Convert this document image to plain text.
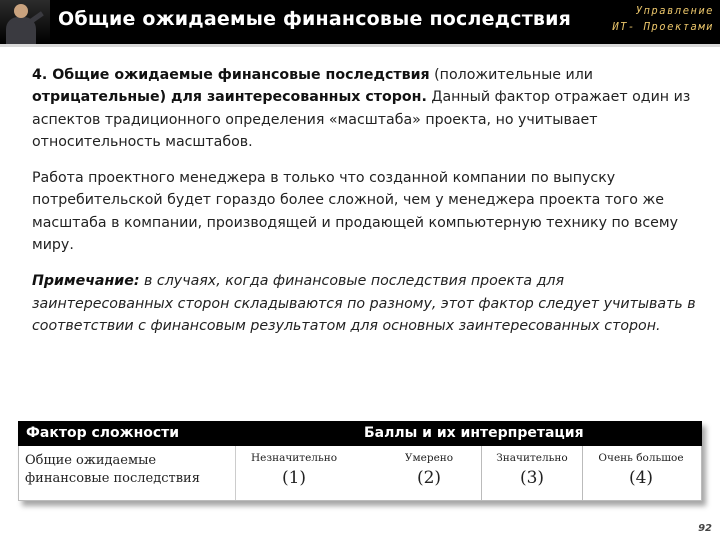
Общие ожидаемые финансовые последствия	Управление
ИТ- Проектами

4. Общие ожидаемые финансовые последствия (положительные или отрицательные) для заинтересованных сторон. Данный фактор отражает один из аспектов традиционного определения «масштаба» проекта, но учитывает относительность масштабов.

Работа проектного менеджера в только что созданной компании по выпуску потребительской будет гораздо более сложной, чем у менеджера проекта того же масштаба в компании, производящей и продающей компьютерную технику по всему миру.

Примечание: в случаях, когда финансовые последствия проекта для заинтересованных сторон складываются по разному, этот фактор следует учитывать в соответствии с финансовым результатом для основных заинтересованных сторон.

Фактор сложности	Баллы и их интерпретация
Общие ожидаемые финансовые последствия
Незначительно
(1)
Умерено
(2)
Значительно
(3)
Очень большое
(4)
92
